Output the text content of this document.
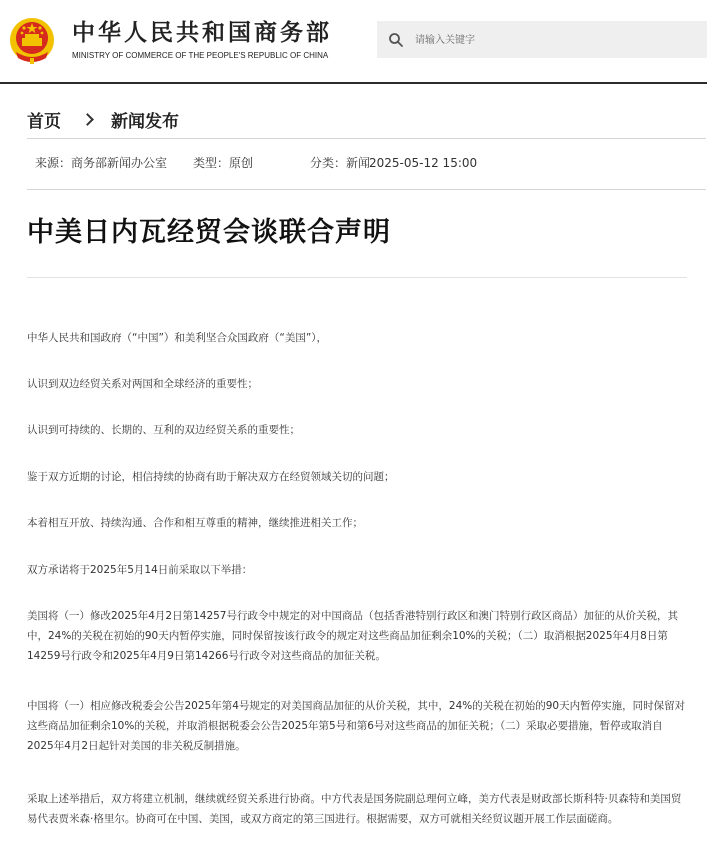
中华人民共和国商务部
MINISTRY OF COMMERCE OF THE PEOPLE'S REPUBLIC OF CHINA
请输入关键字
首页	新闻发布
来源：商务部新闻办公室 类型：原创	分类：新闻2025-05-12 15:00
中美日内瓦经贸会谈联合声明

中华人民共和国政府（“中国”）和美利坚合众国政府（“美国”），

认识到双边经贸关系对两国和全球经济的重要性；

认识到可持续的、长期的、互利的双边经贸关系的重要性；

鉴于双方近期的讨论，相信持续的协商有助于解决双方在经贸领域关切的问题；

本着相互开放、持续沟通、合作和相互尊重的精神，继续推进相关工作；

双方承诺将于2025年5月14日前采取以下举措：

美国将（一）修改2025年4月2日第14257号行政令中规定的对中国商品（包括香港特别行政区和澳门特别行政区商品）加征的从价关税，其中，24%的关税在初始的90天内暂停实施，同时保留按该行政令的规定对这些商品加征剩余10%的关税；（二）取消根据2025年4月8日第14259号行政令和2025年4月9日第14266号行政令对这些商品的加征关税。

中国将（一）相应修改税委会公告2025年第4号规定的对美国商品加征的从价关税，其中，24%的关税在初始的90天内暂停实施，同时保留对这些商品加征剩余10%的关税，并取消根据税委会公告2025年第5号和第6号对这些商品的加征关税；（二）采取必要措施，暂停或取消自2025年4月2日起针对美国的非关税反制措施。

采取上述举措后，双方将建立机制，继续就经贸关系进行协商。中方代表是国务院副总理何立峰，美方代表是财政部长斯科特·贝森特和美国贸易代表贾米森·格里尔。协商可在中国、美国，或双方商定的第三国进行。根据需要，双方可就相关经贸议题开展工作层面磋商。
